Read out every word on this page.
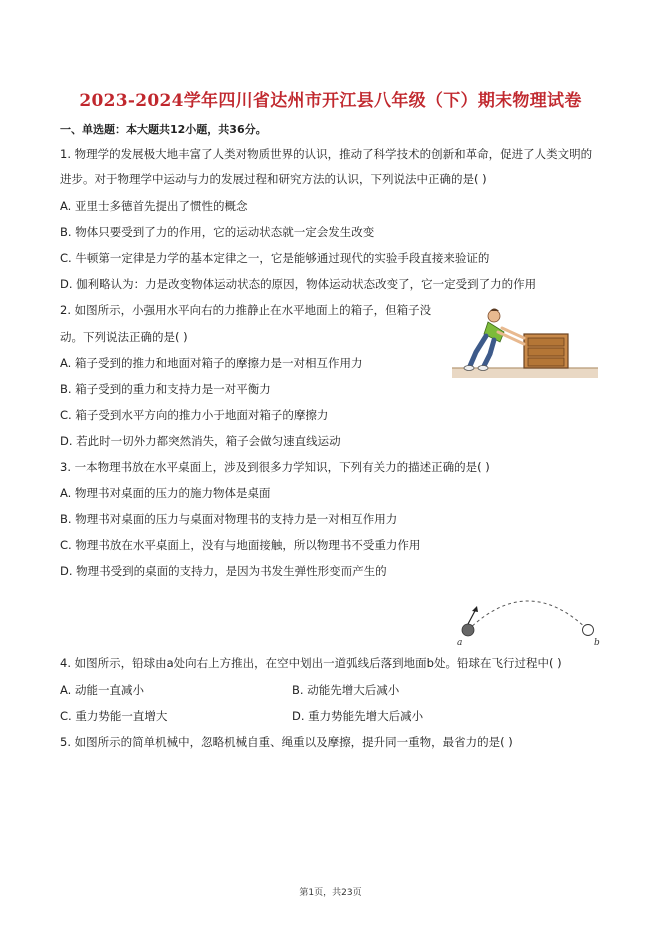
2023-2024学年四川省达州市开江县八年级（下）期末物理试卷
一、单选题：本大题共12小题，共36分。
1. 物理学的发展极大地丰富了人类对物质世界的认识，推动了科学技术的创新和革命，促进了人类文明的
进步。对于物理学中运动与力的发展过程和研究方法的认识，下列说法中正确的是( )
A. 亚里士多德首先提出了惯性的概念
B. 物体只要受到了力的作用，它的运动状态就一定会发生改变
C. 牛顿第一定律是力学的基本定律之一，它是能够通过现代的实验手段直接来验证的
D. 伽利略认为：力是改变物体运动状态的原因，物体运动状态改变了，它一定受到了力的作用
2. 如图所示，小强用水平向右的力推静止在水平地面上的箱子，但箱子没
动。下列说法正确的是( )
A. 箱子受到的推力和地面对箱子的摩擦力是一对相互作用力
B. 箱子受到的重力和支持力是一对平衡力
C. 箱子受到水平方向的推力小于地面对箱子的摩擦力
D. 若此时一切外力都突然消失，箱子会做匀速直线运动
3. 一本物理书放在水平桌面上，涉及到很多力学知识，下列有关力的描述正确的是( )
A. 物理书对桌面的压力的施力物体是桌面
B. 物理书对桌面的压力与桌面对物理书的支持力是一对相互作用力
C. 物理书放在水平桌面上，没有与地面接触，所以物理书不受重力作用
D. 物理书受到的桌面的支持力，是因为书发生弹性形变而产生的
a	b
4. 如图所示，铅球由a处向右上方推出，在空中划出一道弧线后落到地面b处。铅球在飞行过程中( )
A. 动能一直减小	B. 动能先增大后减小
C. 重力势能一直增大	D. 重力势能先增大后减小
5. 如图所示的简单机械中，忽略机械自重、绳重以及摩擦，提升同一重物，最省力的是( )
第1页，共23页
